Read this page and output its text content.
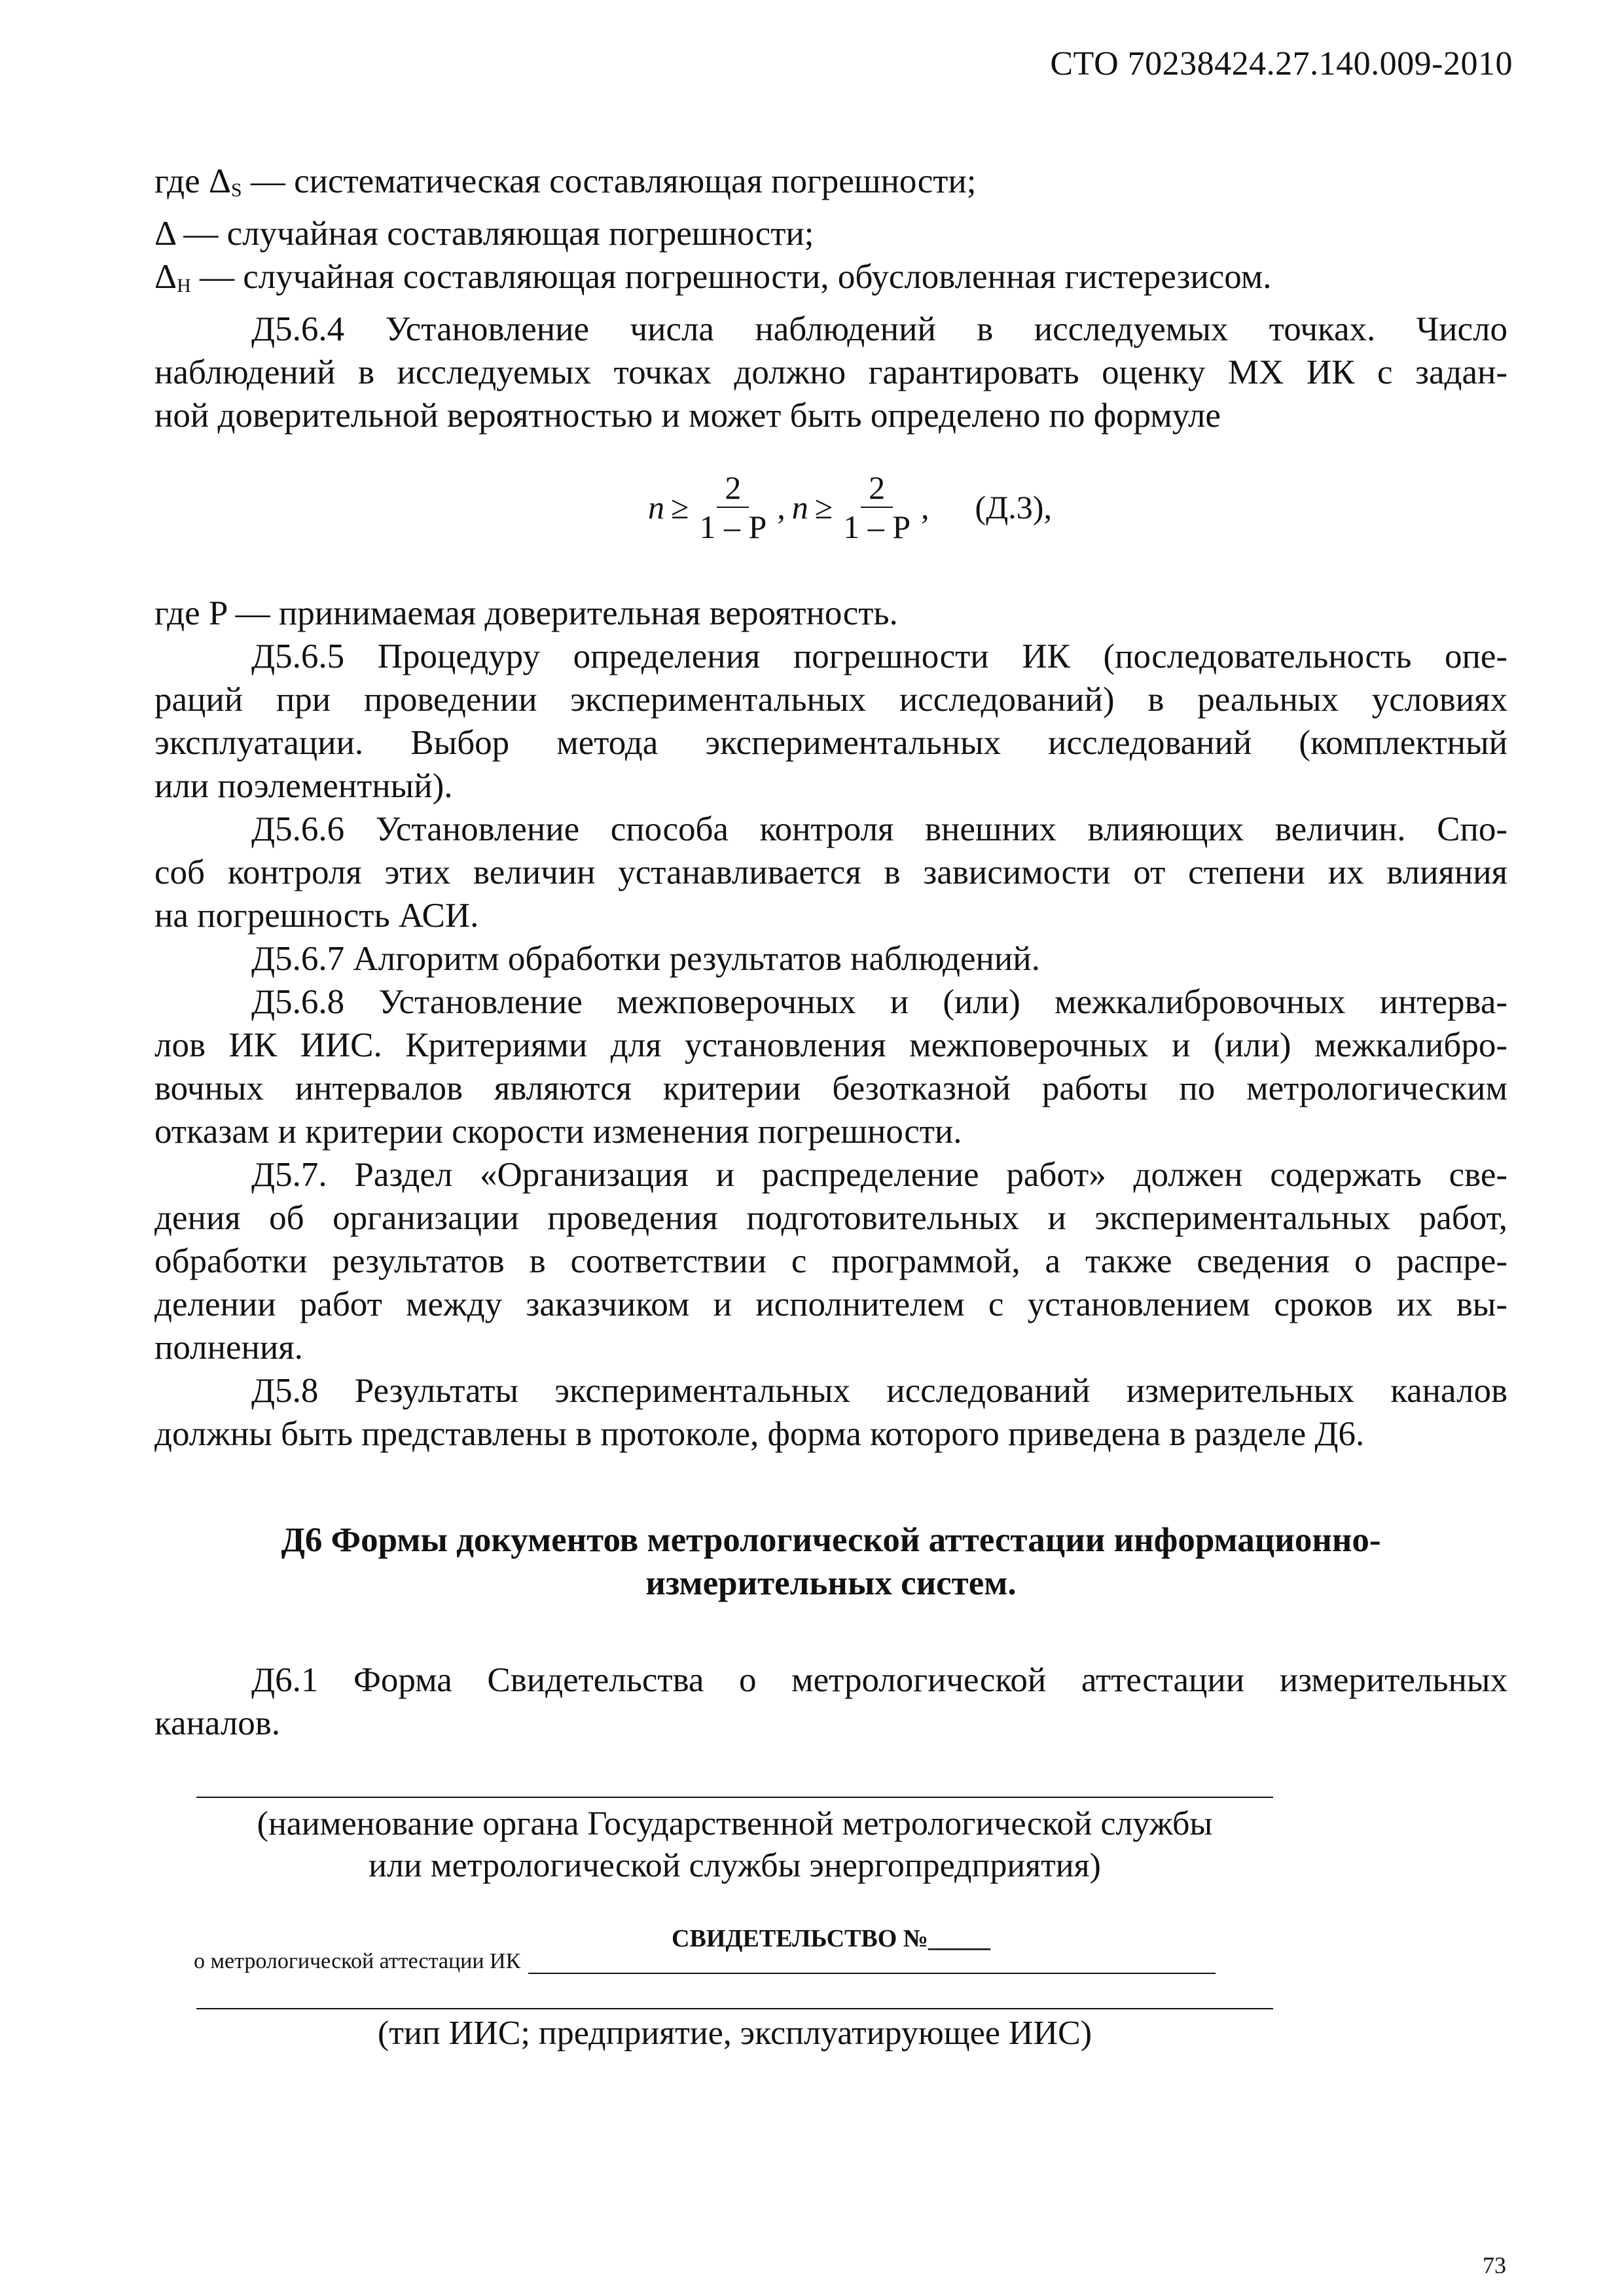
СТО 70238424.27.140.009-2010
где $\Delta_S$ — систематическая составляющая погрешности;
Δ — случайная составляющая погрешности;
$\Delta_Н$ — случайная составляющая погрешности, обусловленная гистерезисом.
Д5.6.4 Установление числа наблюдений в исследуемых точках. Число
наблюдений в исследуемых точках должно гарантировать оценку МХ ИК с задан-
ной доверительной вероятностью и может быть определено по формуле
$n \ge \frac{2}{1 - P}$ , $n \ge \frac{2}{1 - P}$ , (Д.3),
где P — принимаемая доверительная вероятность.
Д5.6.5 Процедуру определения погрешности ИК (последовательность опе-
раций при проведении экспериментальных исследований) в реальных условиях
эксплуатации. Выбор метода экспериментальных исследований (комплектный
или поэлементный).
Д5.6.6 Установление способа контроля внешних влияющих величин. Спо-
соб контроля этих величин устанавливается в зависимости от степени их влияния
на погрешность АСИ.
Д5.6.7 Алгоритм обработки результатов наблюдений.
Д5.6.8 Установление межповерочных и (или) межкалибровочных интерва-
лов ИК ИИС. Критериями для установления межповерочных и (или) межкалибро-
вочных интервалов являются критерии безотказной работы по метрологическим
отказам и критерии скорости изменения погрешности.
Д5.7. Раздел «Организация и распределение работ» должен содержать све-
дения об организации проведения подготовительных и экспериментальных работ,
обработки результатов в соответствии с программой, а также сведения о распре-
делении работ между заказчиком и исполнителем с установлением сроков их вы-
полнения.
Д5.8 Результаты экспериментальных исследований измерительных каналов
должны быть представлены в протоколе, форма которого приведена в разделе Д6.
Д6 Формы документов метрологической аттестации информационно-
измерительных систем.
Д6.1 Форма Свидетельства о метрологической аттестации измерительных
каналов.
(наименование органа Государственной метрологической службы
или метрологической службы энергопредприятия)
СВИДЕТЕЛЬСТВО №_____
о метрологической аттестации ИК
(тип ИИС; предприятие, эксплуатирующее ИИС)
73
